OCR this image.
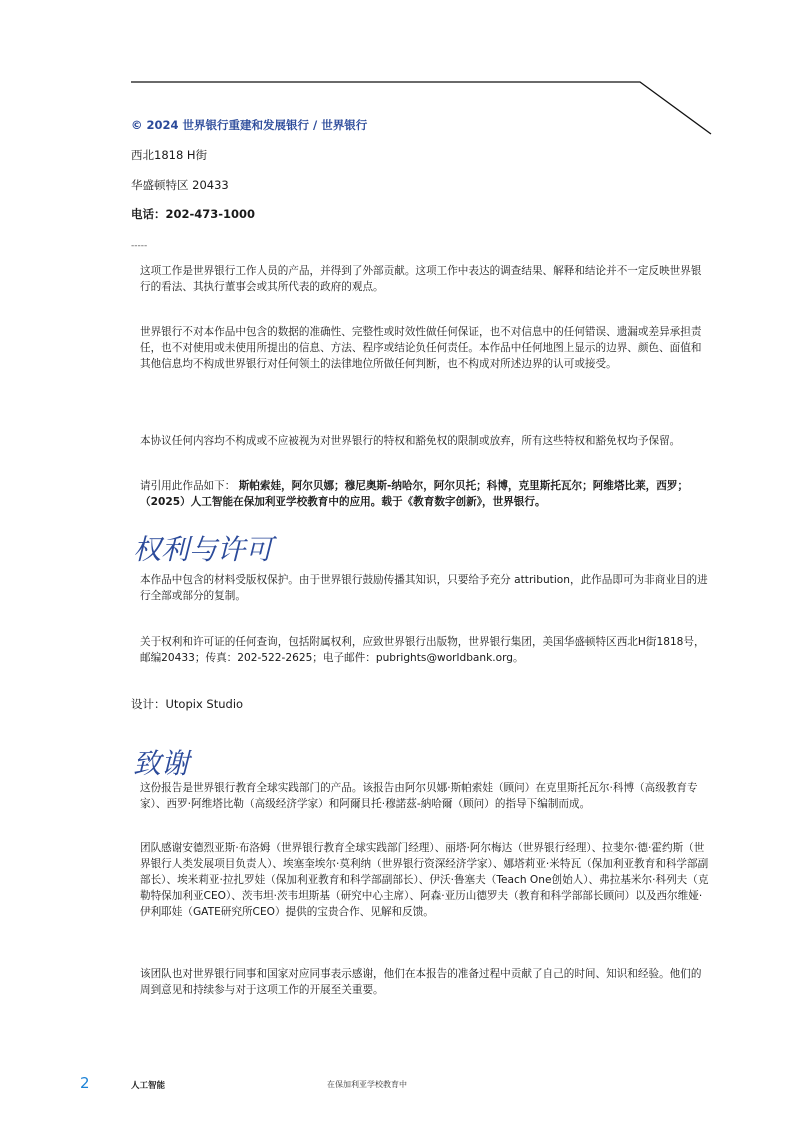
© 2024 世界银行重建和发展银行 / 世界银行
西北1818 H街
华盛顿特区 20433
电话：202-473-1000
-----
这项工作是世界银行工作人员的产品，并得到了外部贡献。这项工作中表达的调查结果、解释和结论并不一定反映世界银行的看法、其执行董事会或其所代表的政府的观点。
世界银行不对本作品中包含的数据的准确性、完整性或时效性做任何保证，也不对信息中的任何错误、遗漏或差异承担责任，也不对使用或未使用所提出的信息、方法、程序或结论负任何责任。本作品中任何地图上显示的边界、颜色、面值和其他信息均不构成世界银行对任何领土的法律地位所做任何判断，也不构成对所述边界的认可或接受。
本协议任何内容均不构成或不应被视为对世界银行的特权和豁免权的限制或放弃，所有这些特权和豁免权均予保留。
请引用此作品如下： 斯帕索娃，阿尔贝娜；穆尼奥斯-纳哈尔，阿尔贝托；科博，克里斯托瓦尔；阿维塔比莱，西罗；（2025）人工智能在保加利亚学校教育中的应用。载于《教育数字创新》，世界银行。
权利与许可
本作品中包含的材料受版权保护。由于世界银行鼓励传播其知识，只要给予充分 attribution，此作品即可为非商业目的进行全部或部分的复制。
关于权利和许可证的任何查询，包括附属权利，应致世界银行出版物，世界银行集团，美国华盛顿特区西北H街1818号，邮编20433；传真：202-522-2625；电子邮件：pubrights@worldbank.org。
设计：Utopix Studio
致谢
这份报告是世界银行教育全球实践部门的产品。该报告由阿尔贝娜·斯帕索娃（顾问）在克里斯托瓦尔·科博（高级教育专家）、西罗·阿维塔比勒（高级经济学家）和阿爾貝托·穆諾茲-納哈爾（顾问）的指导下编制而成。
团队感谢安德烈亚斯·布洛姆（世界银行教育全球实践部门经理）、丽塔·阿尔梅达（世界银行经理）、拉斐尔·德·霍约斯（世界银行人类发展项目负责人）、埃塞奎埃尔·莫利纳（世界银行资深经济学家）、娜塔莉亚·米特瓦（保加利亚教育和科学部副部长）、埃米莉亚·拉扎罗娃（保加利亚教育和科学部副部长）、伊沃·鲁塞夫（Teach One创始人）、弗拉基米尔·科列夫（克勒特保加利亚CEO）、茨韦坦·茨韦坦斯基（研究中心主席）、阿森·亚历山德罗夫（教育和科学部部长顾问）以及西尔维娅·伊利耶娃（GATE研究所CEO）提供的宝贵合作、见解和反馈。
该团队也对世界银行同事和国家对应同事表示感谢，他们在本报告的准备过程中贡献了自己的时间、知识和经验。他们的周到意见和持续参与对于这项工作的开展至关重要。
2	人工智能	在保加利亚学校教育中
